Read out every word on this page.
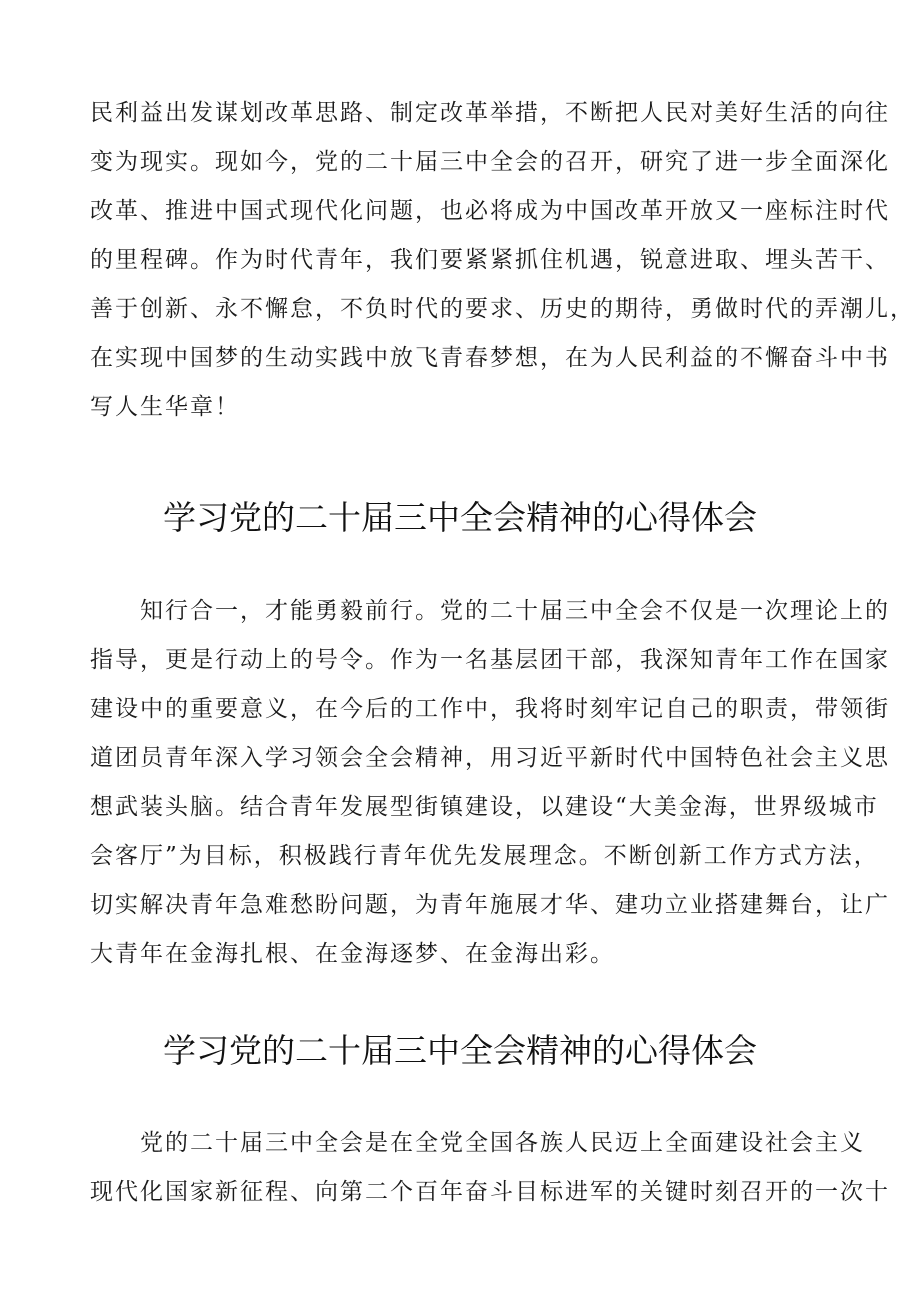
民利益出发谋划改革思路、制定改革举措，不断把人民对美好生活的向往
变为现实。现如今，党的二十届三中全会的召开，研究了进一步全面深化
改革、推进中国式现代化问题，也必将成为中国改革开放又一座标注时代
的里程碑。作为时代青年，我们要紧紧抓住机遇，锐意进取、埋头苦干、
善于创新、永不懈怠，不负时代的要求、历史的期待，勇做时代的弄潮儿，
在实现中国梦的生动实践中放飞青春梦想，在为人民利益的不懈奋斗中书
写人生华章！
学习党的二十届三中全会精神的心得体会
　　知行合一，才能勇毅前行。党的二十届三中全会不仅是一次理论上的
指导，更是行动上的号令。作为一名基层团干部，我深知青年工作在国家
建设中的重要意义，在今后的工作中，我将时刻牢记自己的职责，带领街
道团员青年深入学习领会全会精神，用习近平新时代中国特色社会主义思
想武装头脑。结合青年发展型街镇建设，以建设“大美金海，世界级城市
会客厅”为目标，积极践行青年优先发展理念。不断创新工作方式方法，
切实解决青年急难愁盼问题，为青年施展才华、建功立业搭建舞台，让广
大青年在金海扎根、在金海逐梦、在金海出彩。
学习党的二十届三中全会精神的心得体会
　　党的二十届三中全会是在全党全国各族人民迈上全面建设社会主义
现代化国家新征程、向第二个百年奋斗目标进军的关键时刻召开的一次十
